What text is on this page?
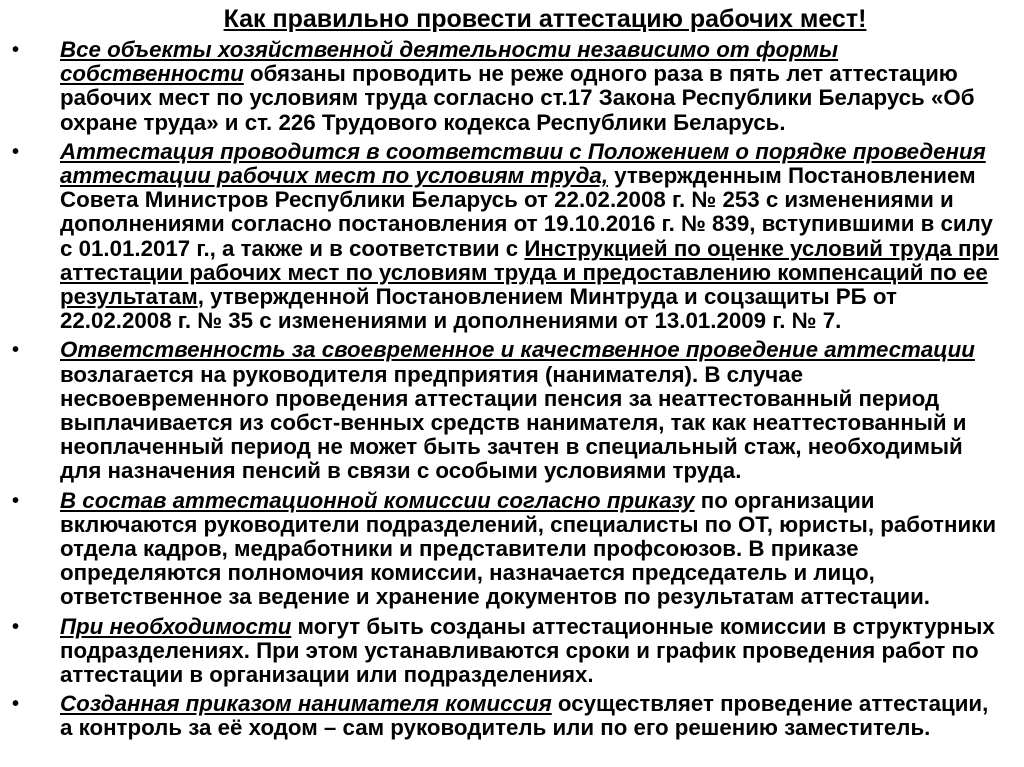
Как правильно провести аттестацию рабочих мест!
• Все объекты хозяйственной деятельности независимо от формы собственности обязаны проводить не реже одного раза в пять лет аттестацию рабочих мест по условиям труда согласно ст.17 Закона Республики Беларусь «Об охране труда» и ст. 226 Трудового кодекса Республики Беларусь.
• Аттестация проводится в соответствии с Положением о порядке проведения аттестации рабочих мест по условиям труда, утвержденным Постановлением Совета Министров Республики Беларусь от 22.02.2008 г. № 253 с изменениями и дополнениями согласно постановления от 19.10.2016 г. № 839, вступившими в силу с 01.01.2017 г., а также и в соответствии с Инструкцией по оценке условий труда при аттестации рабочих мест по условиям труда и предоставлению компенсаций по ее результатам, утвержденной Постановлением Минтруда и соцзащиты РБ от 22.02.2008 г. № 35 с изменениями и дополнениями от 13.01.2009 г. № 7.
• Ответственность за своевременное и качественное проведение аттестации возлагается на руководителя предприятия (нанимателя). В случае несвоевременного проведения аттестации пенсия за неаттестованный период выплачивается из собст-венных средств нанимателя, так как неаттестованный и неоплаченный период не может быть зачтен в специальный стаж, необходимый для назначения пенсий в связи с особыми условиями труда.
• В состав аттестационной комиссии согласно приказу по организации включаются руководители подразделений, специалисты по ОТ, юристы, работники отдела кадров, медработники и представители профсоюзов. В приказе определяются полномочия комиссии, назначается председатель и лицо, ответственное за ведение и хранение документов по результатам аттестации.
• При необходимости могут быть созданы аттестационные комиссии в структурных подразделениях. При этом устанавливаются сроки и график проведения работ по аттестации в организации или подразделениях.
• Созданная приказом нанимателя комиссия осуществляет проведение аттестации, а контроль за её ходом – сам руководитель или по его решению заместитель.
